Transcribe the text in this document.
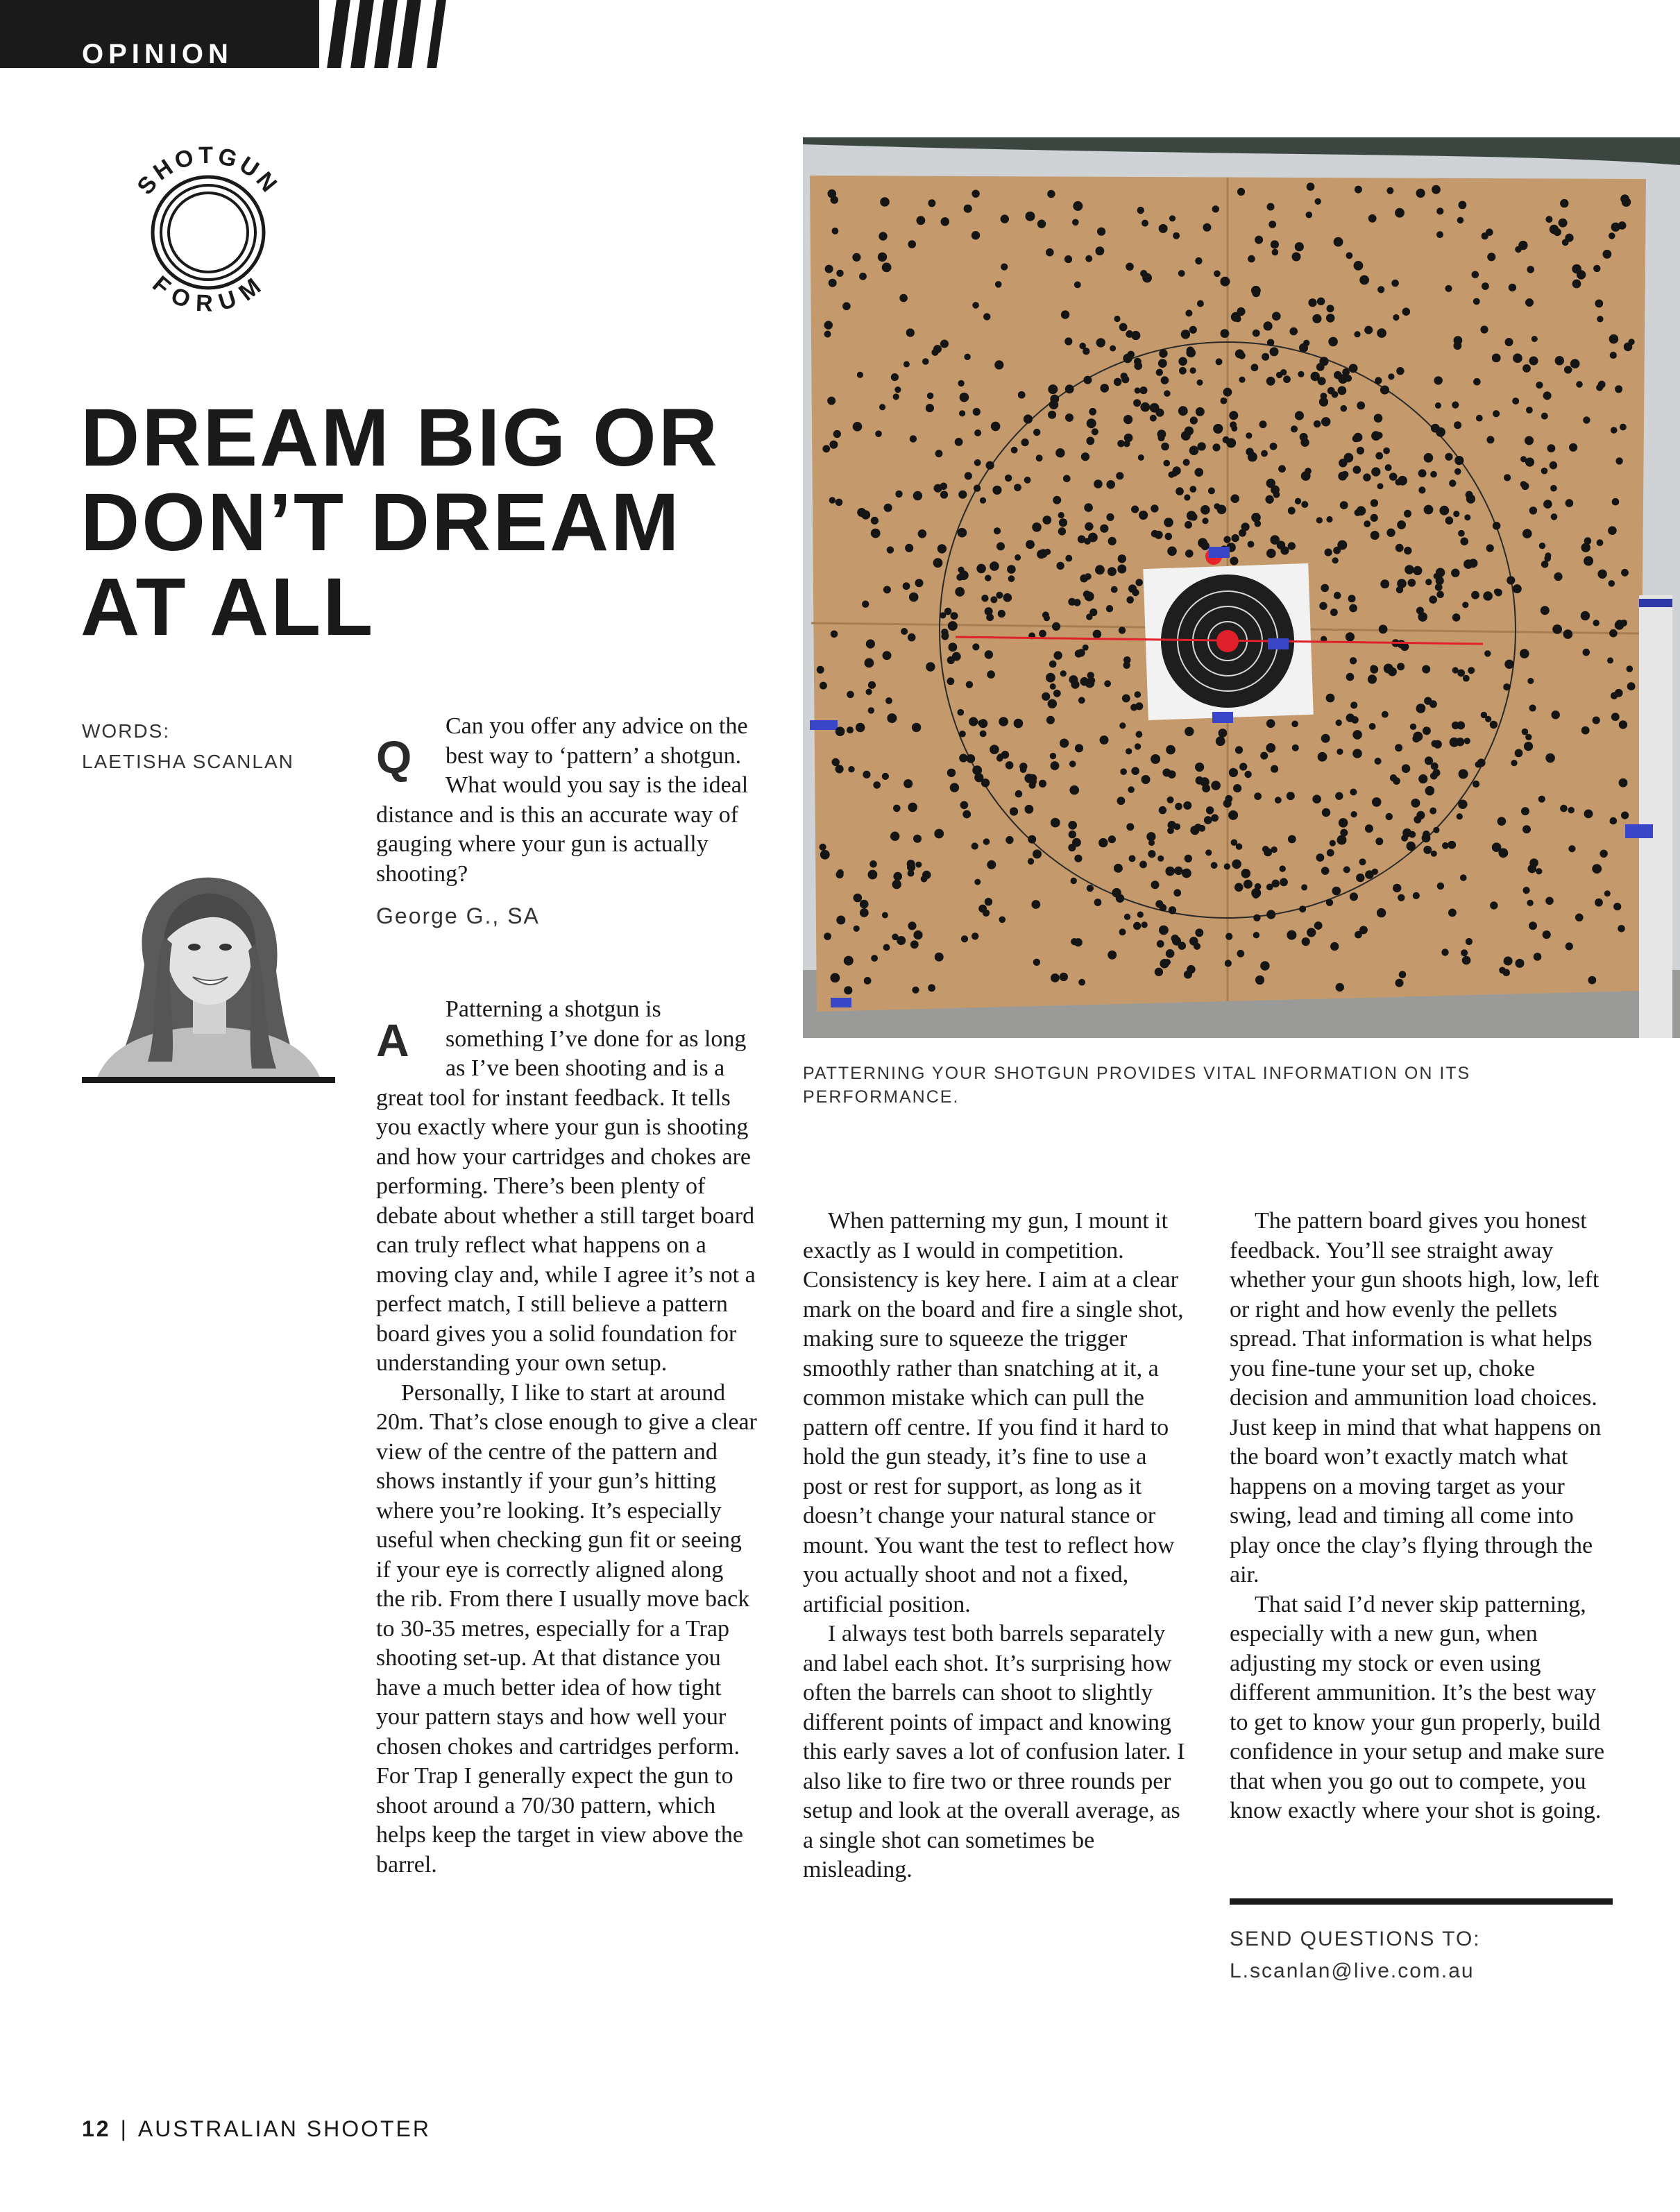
OPINION
SHOTGUN
FORUM
DREAM BIG OR
DON’T DREAM
AT ALL
WORDS:
LAETISHA SCANLAN Q

Can you offer any advice on the best way to ‘pattern’ a shotgun. What would you say is the ideal distance and is this an accurate way of gauging where your gun is actually shooting?

George G., SA
A

Patterning a shotgun is something I’ve done for as long as I’ve been shooting and is a great tool for instant feedback. It tells you exactly where your gun is shooting and how your cartridges and chokes are performing. There’s been plenty of debate about whether a still target board can truly reflect what happens on a moving clay and, while I agree it’s not a perfect match, I still believe a pattern board gives you a solid foundation for understanding your own setup.

Personally, I like to start at around 20m. That’s close enough to give a clear view of the centre of the pattern and shows instantly if your gun’s hitting where you’re looking. It’s especially useful when checking gun fit or seeing if your eye is correctly aligned along the rib. From there I usually move back to 30-35 metres, especially for a Trap shooting set-up. At that distance you have a much better idea of how tight your pattern stays and how well your chosen chokes and cartridges perform. For Trap I generally expect the gun to shoot around a 70/30 pattern, which helps keep the target in view above the barrel.

When patterning my gun, I mount it exactly as I would in competition. Consistency is key here. I aim at a clear mark on the board and fire a single shot, making sure to squeeze the trigger smoothly rather than snatching at it, a common mistake which can pull the pattern off centre. If you find it hard to hold the gun steady, it’s fine to use a post or rest for support, as long as it doesn’t change your natural stance or mount. You want the test to reflect how you actually shoot and not a fixed, artificial position.

I always test both barrels separately and label each shot. It’s surprising how often the barrels can shoot to slightly different points of impact and knowing this early saves a lot of confusion later. I also like to fire two or three rounds per setup and look at the overall average, as a single shot can sometimes be misleading.

The pattern board gives you honest feedback. You’ll see straight away whether your gun shoots high, low, left or right and how evenly the pellets spread. That information is what helps you fine-tune your set up, choke decision and ammunition load choices. Just keep in mind that what happens on the board won’t exactly match what happens on a moving target as your swing, lead and timing all come into play once the clay’s flying through the air.

That said I’d never skip patterning, especially with a new gun, when adjusting my stock or even using different ammunition. It’s the best way to get to know your gun properly, build confidence in your setup and make sure that when you go out to compete, you know exactly where your shot is going.

PATTERNING YOUR SHOTGUN PROVIDES VITAL INFORMATION ON ITS PERFORMANCE.
SEND QUESTIONS TO:
L.scanlan@live.com.au
12 | AUSTRALIAN SHOOTER
